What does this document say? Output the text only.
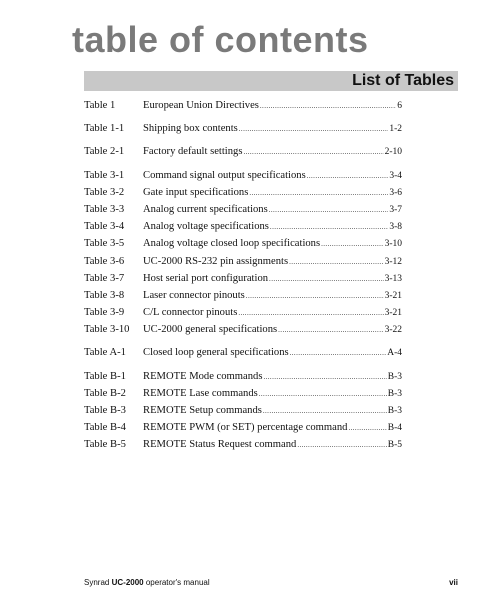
table of contents
List of Tables
Table 1	European Union Directives .....	6
Table 1-1	Shipping box contents .....	1-2
Table 2-1	Factory default settings .....	2-10
Table 3-1	Command signal output specifications .....	3-4
Table 3-2	Gate input specifications .....	3-6
Table 3-3	Analog current specifications .....	3-7
Table 3-4	Analog voltage specifications .....	3-8
Table 3-5	Analog voltage closed loop specifications .....	3-10
Table 3-6	UC-2000 RS-232 pin assignments .....	3-12
Table 3-7	Host serial port configuration .....	3-13
Table 3-8	Laser connector pinouts .....	3-21
Table 3-9	C/L connector pinouts .....	3-21
Table 3-10	UC-2000 general specifications .....	3-22
Table A-1	Closed loop general specifications .....	A-4
Table B-1	REMOTE Mode commands .....	B-3
Table B-2	REMOTE Lase commands .....	B-3
Table B-3	REMOTE Setup commands .....	B-3
Table B-4	REMOTE PWM (or SET) percentage command .....	B-4
Table B-5	REMOTE Status Request command .....	B-5
Synrad UC-2000 operator's manual	vii
